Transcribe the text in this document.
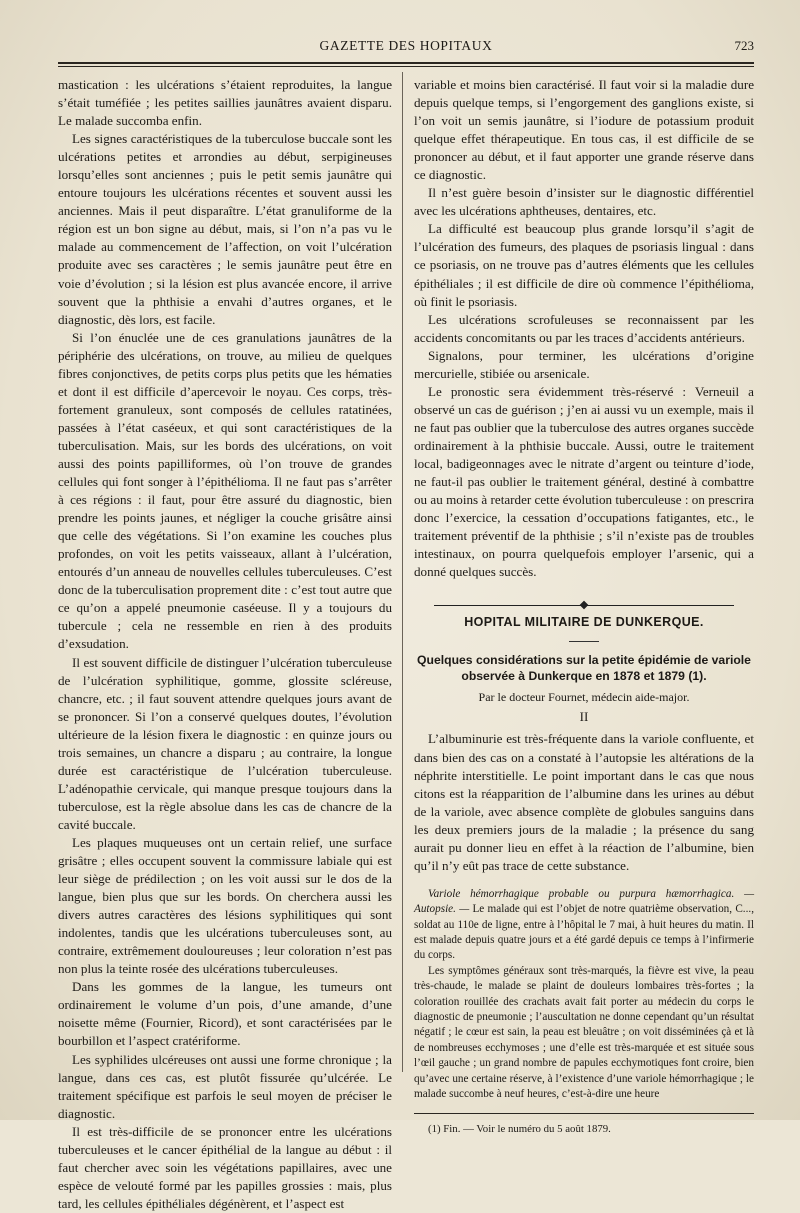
GAZETTE DES HOPITAUX	723

mastication : les ulcérations s’étaient reproduites, la langue s’était tuméfiée ; les petites saillies jaunâtres avaient disparu. Le malade succomba enfin.

Les signes caractéristiques de la tuberculose buccale sont les ulcérations petites et arrondies au début, serpigineuses lorsqu’elles sont anciennes ; puis le petit semis jaunâtre qui entoure toujours les ulcérations récentes et souvent aussi les anciennes. Mais il peut disparaître. L’état granuliforme de la région est un bon signe au début, mais, si l’on n’a pas vu le malade au commencement de l’affection, on voit l’ulcération produite avec ses caractères ; le semis jaunâtre peut être en voie d’évolution ; si la lésion est plus avancée encore, il arrive souvent que la phthisie a envahi d’autres organes, et le diagnostic, dès lors, est facile.

Si l’on énuclée une de ces granulations jaunâtres de la périphérie des ulcérations, on trouve, au milieu de quelques fibres conjonctives, de petits corps plus petits que les hématies et dont il est difficile d’apercevoir le noyau. Ces corps, très-fortement granuleux, sont composés de cellules ratatinées, passées à l’état caséeux, et qui sont caractéristiques de la tuberculisation. Mais, sur les bords des ulcérations, on voit aussi des points papilliformes, où l’on trouve de grandes cellules qui font songer à l’épithélioma. Il ne faut pas s’arrêter à ces régions : il faut, pour être assuré du diagnostic, bien prendre les points jaunes, et négliger la couche grisâtre ainsi que celle des végétations. Si l’on examine les couches plus profondes, on voit les petits vaisseaux, allant à l’ulcération, entourés d’un anneau de nouvelles cellules tuberculeuses. C’est donc de la tuberculisation proprement dite : c’est tout autre que ce qu’on a appelé pneumonie caséeuse. Il y a toujours du tubercule ; cela ne ressemble en rien à des produits d’exsudation.

Il est souvent difficile de distinguer l’ulcération tuberculeuse de l’ulcération syphilitique, gomme, glossite scléreuse, chancre, etc. ; il faut souvent attendre quelques jours avant de se prononcer. Si l’on a conservé quelques doutes, l’évolution ultérieure de la lésion fixera le diagnostic : en quinze jours ou trois semaines, un chancre a disparu ; au contraire, la longue durée est caractéristique de l’ulcération tuberculeuse. L’adénopathie cervicale, qui manque presque toujours dans la tuberculose, est la règle absolue dans les cas de chancre de la cavité buccale.

Les plaques muqueuses ont un certain relief, une surface grisâtre ; elles occupent souvent la commissure labiale qui est leur siège de prédilection ; on les voit aussi sur le dos de la langue, bien plus que sur les bords. On cherchera aussi les divers autres caractères des lésions syphilitiques qui sont indolentes, tandis que les ulcérations tuberculeuses sont, au contraire, extrêmement douloureuses ; leur coloration n’est pas non plus la teinte rosée des ulcérations tuberculeuses.

Dans les gommes de la langue, les tumeurs ont ordinairement le volume d’un pois, d’une amande, d’une noisette même (Fournier, Ricord), et sont caractérisées par le bourbillon et l’aspect cratériforme.

Les syphilides ulcéreuses ont aussi une forme chronique ; la langue, dans ces cas, est plutôt fissurée qu’ulcérée. Le traitement spécifique est parfois le seul moyen de préciser le diagnostic.

Il est très-difficile de se prononcer entre les ulcérations tuberculeuses et le cancer épithélial de la langue au début : il faut chercher avec soin les végétations papillaires, avec une espèce de velouté formé par les papilles grossies : mais, plus tard, les cellules épithéliales dégénèrent, et l’aspect est

variable et moins bien caractérisé. Il faut voir si la maladie dure depuis quelque temps, si l’engorgement des ganglions existe, si l’on voit un semis jaunâtre, si l’iodure de potassium produit quelque effet thérapeutique. En tous cas, il est difficile de se prononcer au début, et il faut apporter une grande réserve dans ce diagnostic.

Il n’est guère besoin d’insister sur le diagnostic différentiel avec les ulcérations aphtheuses, dentaires, etc.

La difficulté est beaucoup plus grande lorsqu’il s’agit de l’ulcération des fumeurs, des plaques de psoriasis lingual : dans ce psoriasis, on ne trouve pas d’autres éléments que les cellules épithéliales ; il est difficile de dire où commence l’épithélioma, où finit le psoriasis.

Les ulcérations scrofuleuses se reconnaissent par les accidents concomitants ou par les traces d’accidents antérieurs.

Signalons, pour terminer, les ulcérations d’origine mercurielle, stibiée ou arsenicale.

Le pronostic sera évidemment très-réservé : Verneuil a observé un cas de guérison ; j’en ai aussi vu un exemple, mais il ne faut pas oublier que la tuberculose des autres organes succède ordinairement à la phthisie buccale. Aussi, outre le traitement local, badigeonnages avec le nitrate d’argent ou teinture d’iode, ne faut-il pas oublier le traitement général, destiné à combattre ou au moins à retarder cette évolution tuberculeuse : on prescrira donc l’exercice, la cessation d’occupations fatigantes, etc., le traitement préventif de la phthisie ; s’il n’existe pas de troubles intestinaux, on pourra quelquefois employer l’arsenic, qui a donné quelques succès.

HOPITAL MILITAIRE DE DUNKERQUE.
Quelques considérations sur la petite épidémie de variole observée à Dunkerque en 1878 et 1879 (1).
Par le docteur Fournet, médecin aide-major.
II

L’albuminurie est très-fréquente dans la variole confluente, et dans bien des cas on a constaté à l’autopsie les altérations de la néphrite interstitielle. Le point important dans le cas que nous citons est la réapparition de l’albumine dans les urines au début de la variole, avec absence complète de globules sanguins dans les deux premiers jours de la maladie ; la présence du sang aurait pu donner lieu en effet à la réaction de l’albumine, bien qu’il n’y eût pas trace de cette substance.

Variole hémorrhagique probable ou purpura hæmorrhagica. — Autopsie. — Le malade qui est l’objet de notre quatrième observation, C..., soldat au 110e de ligne, entre à l’hôpital le 7 mai, à huit heures du matin. Il est malade depuis quatre jours et a été gardé depuis ce temps à l’infirmerie du corps.

Les symptômes généraux sont très-marqués, la fièvre est vive, la peau très-chaude, le malade se plaint de douleurs lombaires très-fortes ; la coloration rouillée des crachats avait fait porter au médecin du corps le diagnostic de pneumonie ; l’auscultation ne donne cependant qu’un résultat négatif ; le cœur est sain, la peau est bleuâtre ; on voit disséminées çà et là de nombreuses ecchymoses ; une d’elle est très-marquée et est située sous l’œil gauche ; un grand nombre de papules ecchymotiques font croire, bien qu’avec une certaine réserve, à l’existence d’une variole hémorrhagique ; le malade succombe à neuf heures, c’est-à-dire une heure

(1) Fin. — Voir le numéro du 5 août 1879.
